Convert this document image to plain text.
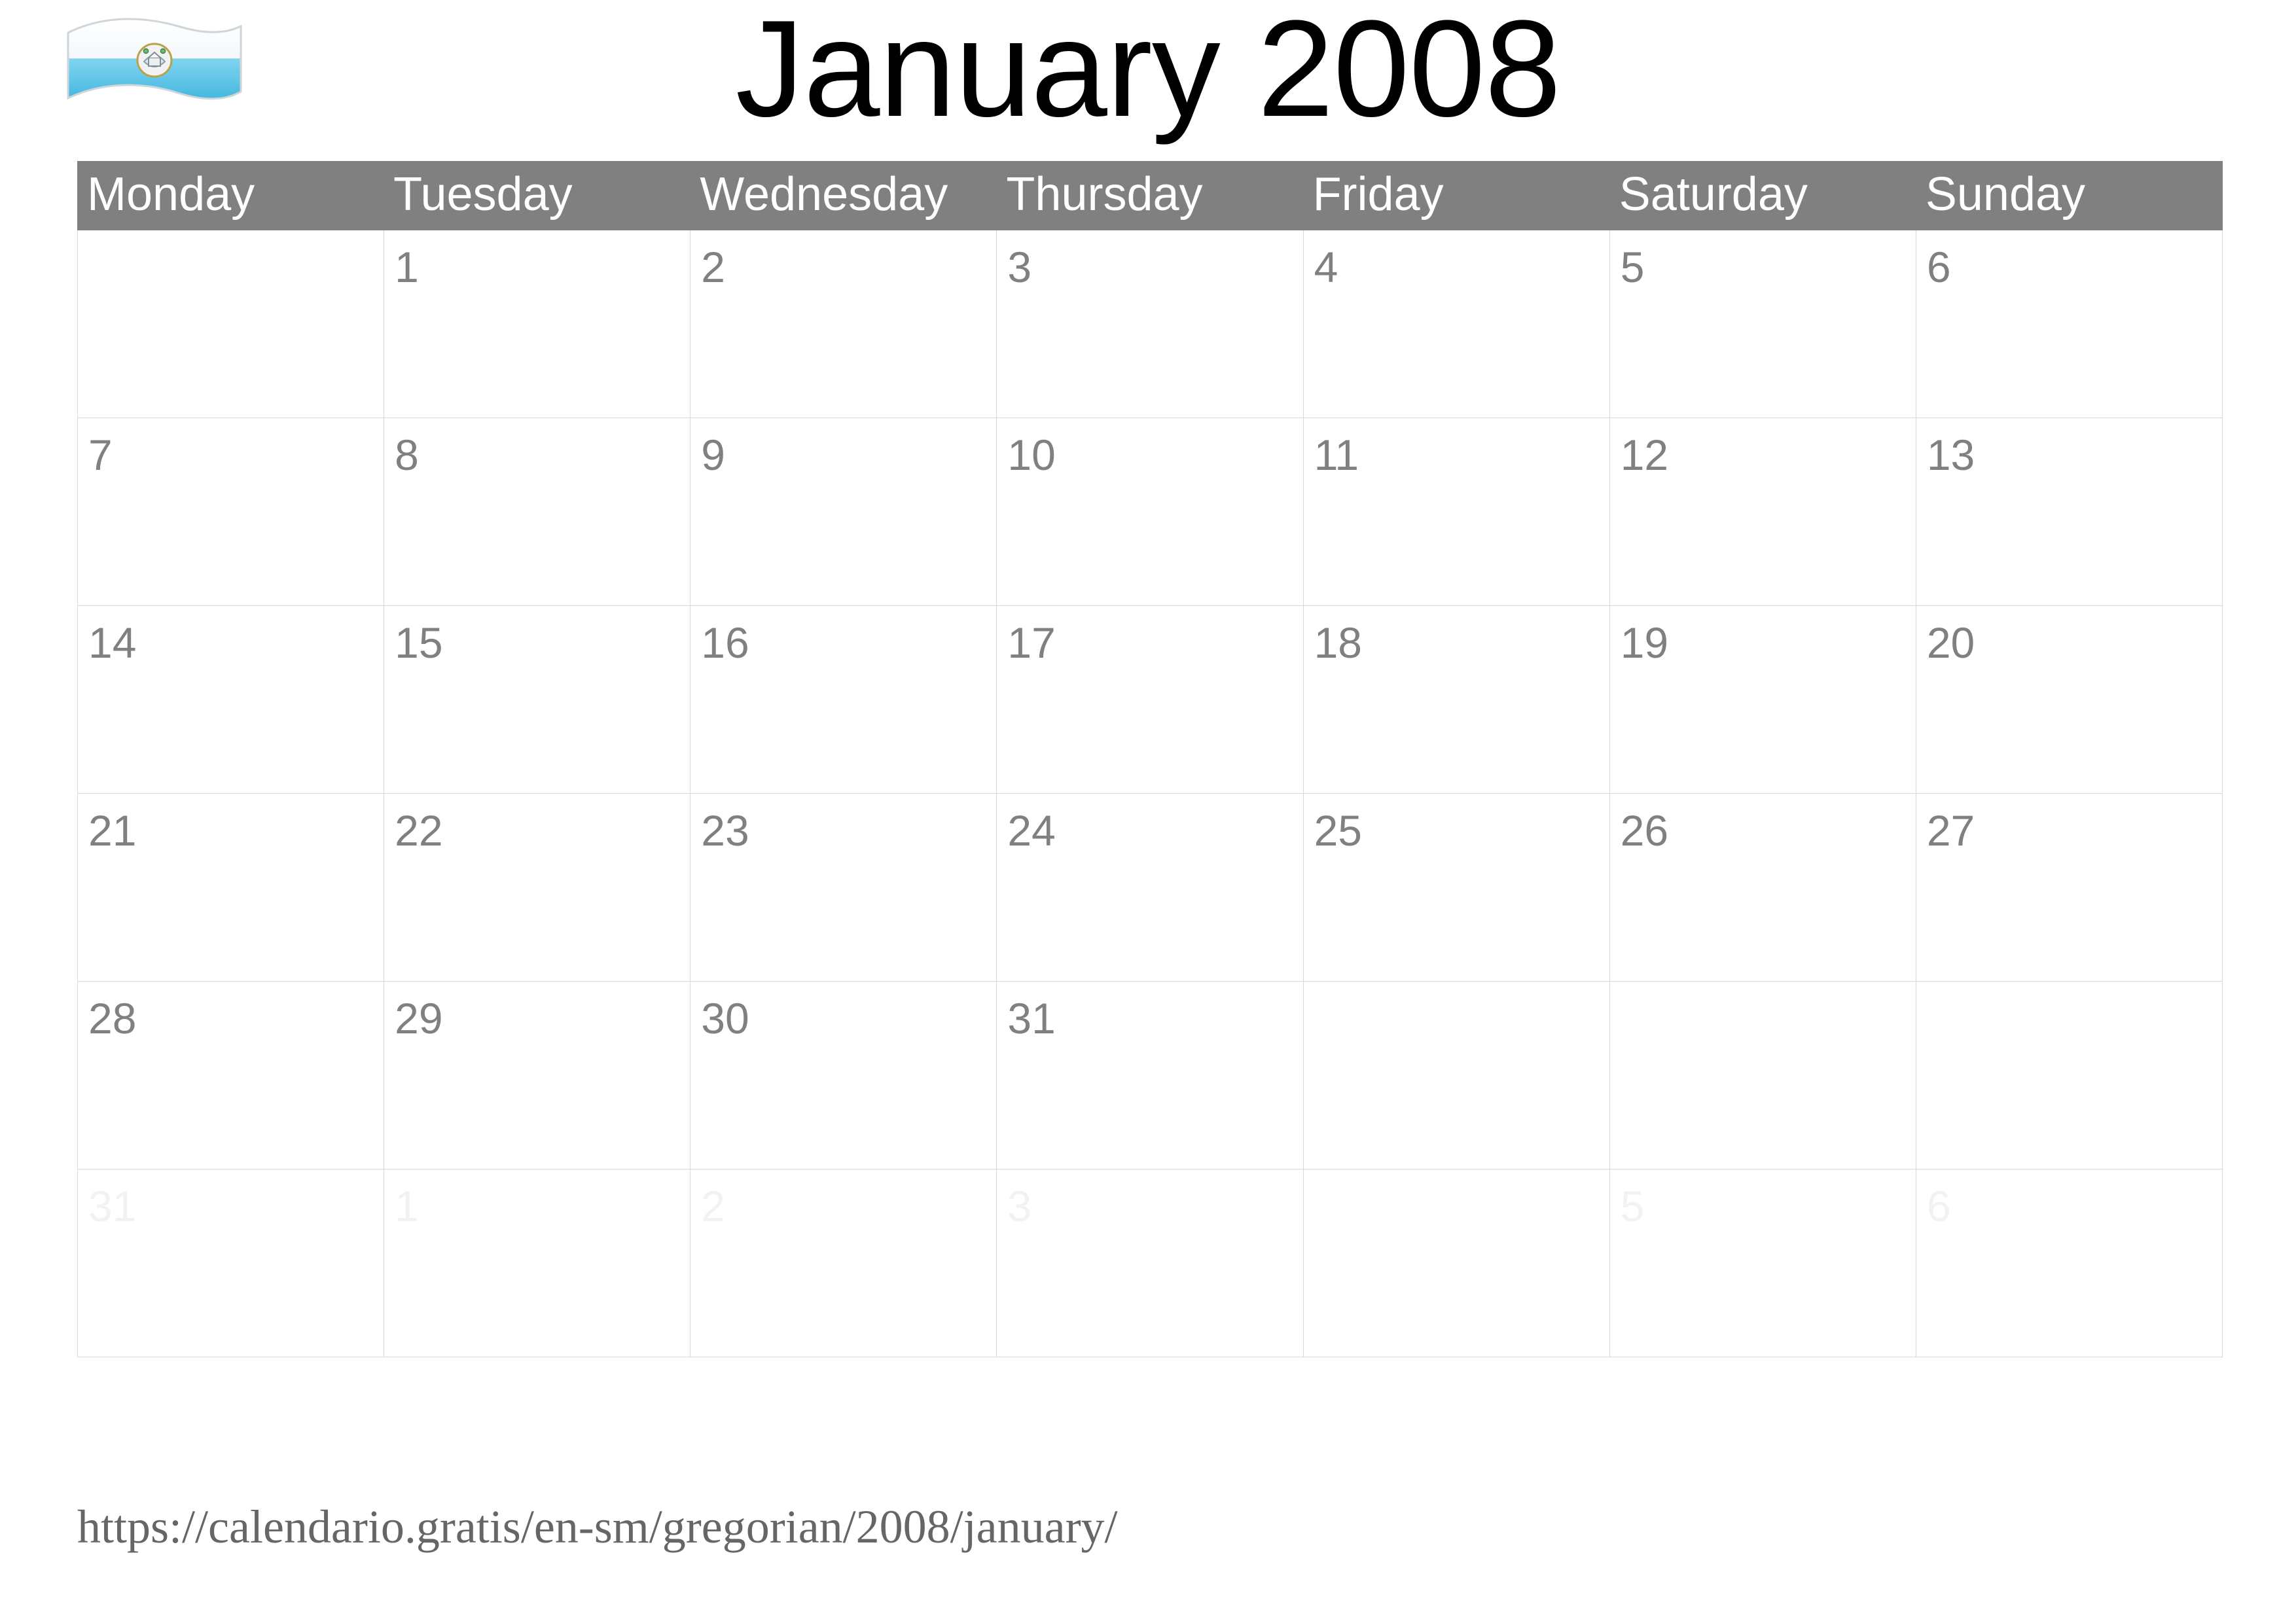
January 2008
Monday	Tuesday	Wednesday	Thursday	Friday	Saturday	Sunday

	1	2	3	4	5	6

7	8	9	10	11	12	13

14	15	16	17	18	19	20

21	22	23	24	25	26	27

28	29	30	31			

31	1	2	3		5	6
https://calendario.gratis/en-sm/gregorian/2008/january/
